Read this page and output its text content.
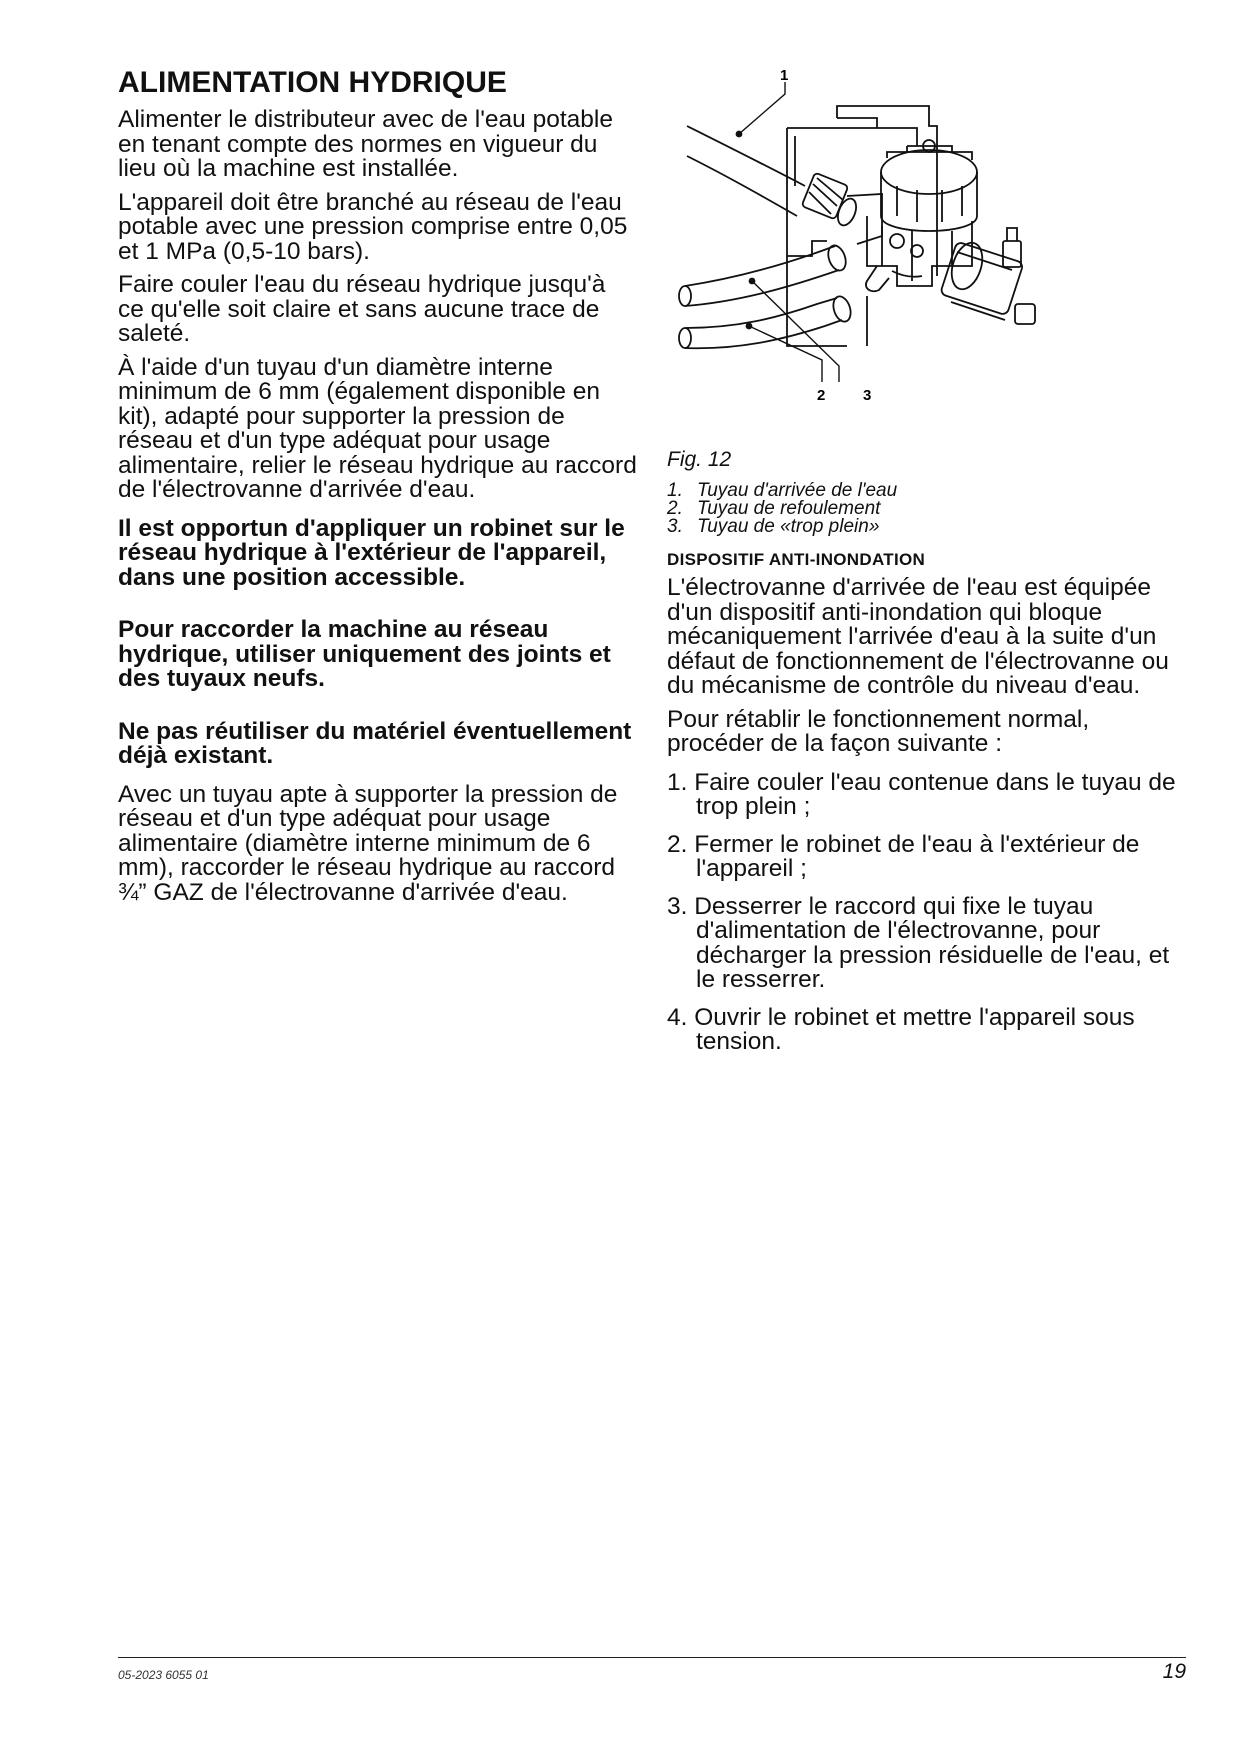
ALIMENTATION HYDRIQUE

Alimenter le distributeur avec de l'eau potable en tenant compte des normes en vigueur du lieu où la machine est installée.

L'appareil doit être branché au réseau de l'eau potable avec une pression comprise entre 0,05 et 1 MPa (0,5-10 bars).

Faire couler l'eau du réseau hydrique jusqu'à ce qu'elle soit claire et sans aucune trace de saleté.

À l'aide d'un tuyau d'un diamètre interne minimum de 6 mm (également disponible en kit), adapté pour supporter la pression de réseau et d'un type adéquat pour usage alimentaire, relier le réseau hydrique au raccord de l'électrovanne d'arrivée d'eau.

Il est opportun d'appliquer un robinet sur le réseau hydrique à l'extérieur de l'appareil, dans une position accessible.

Pour raccorder la machine au réseau hydrique, utiliser uniquement des joints et des tuyaux neufs.

Ne pas réutiliser du matériel éventuellement déjà existant.

Avec un tuyau apte à supporter la pression de réseau et d'un type adéquat pour usage alimentaire (diamètre interne minimum de 6 mm), raccorder le réseau hydrique au raccord ¾” GAZ de l'électrovanne d'arrivée d'eau.

1
2	3
Fig. 12
1. Tuyau d'arrivée de l'eau
2. Tuyau de refoulement
3. Tuyau de «trop plein»
DISPOSITIF ANTI-INONDATION

L'électrovanne d'arrivée de l'eau est équipée d'un dispositif anti-inondation qui bloque mécaniquement l'arrivée d'eau à la suite d'un défaut de fonctionnement de l'électrovanne ou du mécanisme de contrôle du niveau d'eau.

Pour rétablir le fonctionnement normal, procéder de la façon suivante :

1. Faire couler l'eau contenue dans le tuyau de trop plein ;
2. Fermer le robinet de l'eau à l'extérieur de l'appareil ;
3. Desserrer le raccord qui fixe le tuyau d'alimentation de l'électrovanne, pour décharger la pression résiduelle de l'eau, et le resserrer.
4. Ouvrir le robinet et mettre l'appareil sous tension.
05-2023 6055 01	19
